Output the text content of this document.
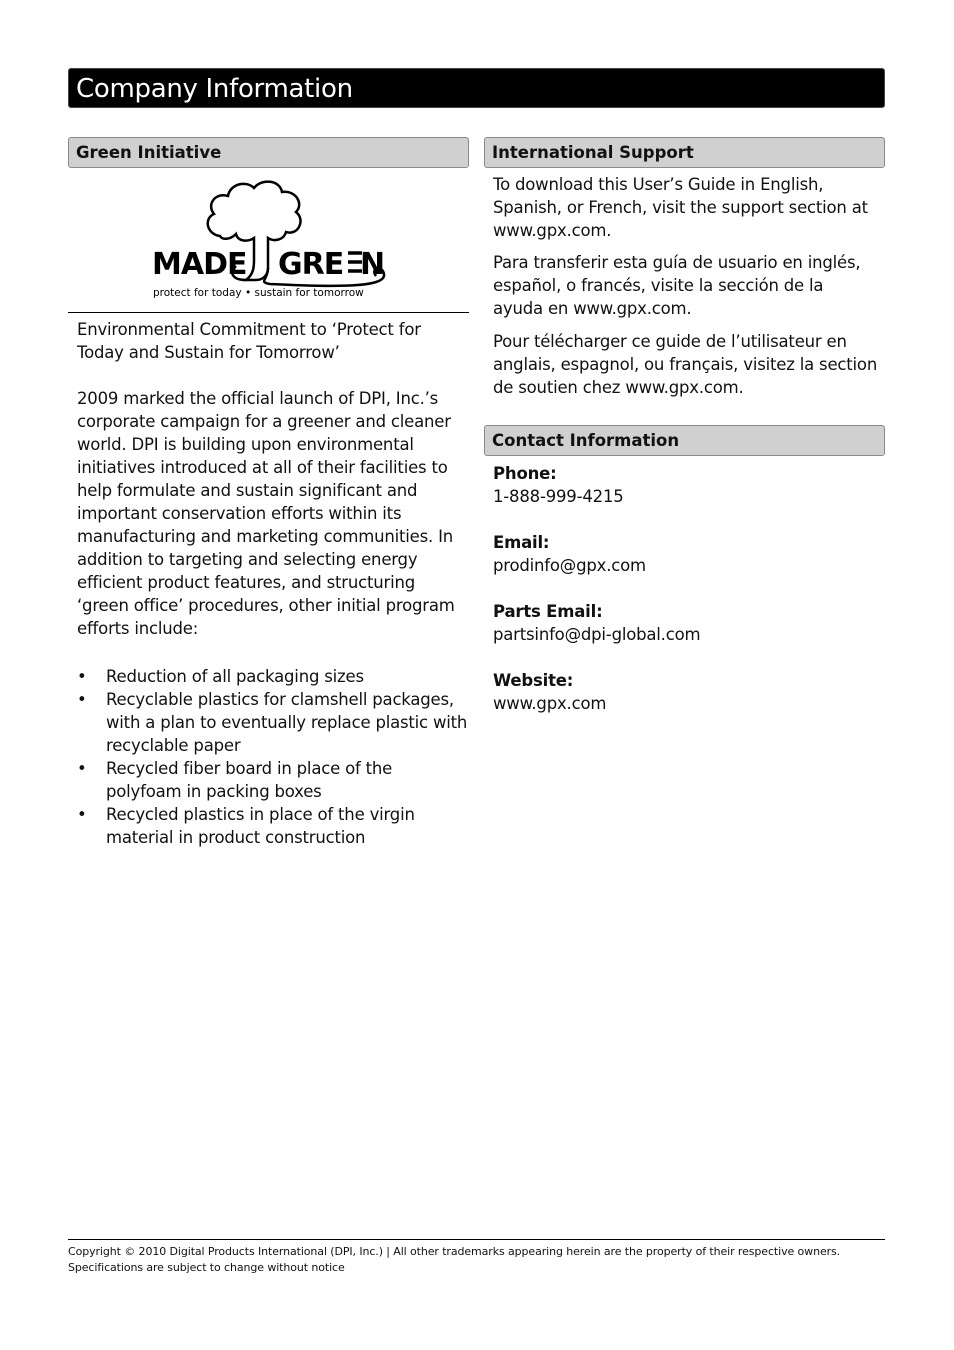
Company Information
Green Initiative
MADE GRE N
protect for today • sustain for tomorrow

Environmental Commitment to ‘Protect for Today and Sustain for Tomorrow’

2009 marked the official launch of DPI, Inc.’s corporate campaign for a greener and cleaner world. DPI is building upon environmental initiatives introduced at all of their facilities to help formulate and sustain significant and important conservation efforts within its manufacturing and marketing communities. In addition to targeting and selecting energy efficient product features, and structuring ‘green office’ procedures, other initial program efforts include:

• Reduction of all packaging sizes
• Recyclable plastics for clamshell packages, with a plan to eventually replace plastic with recyclable paper
• Recycled fiber board in place of the polyfoam in packing boxes
• Recycled plastics in place of the virgin material in product construction
International Support

To download this User’s Guide in English, Spanish, or French, visit the support section at www.gpx.com.

Para transferir esta guía de usuario en inglés, español, o francés, visite la sección de la ayuda en www.gpx.com.

Pour télécharger ce guide de l’utilisateur en anglais, espagnol, ou français, visitez la section de soutien chez www.gpx.com.

Contact Information
Phone:
1-888-999-4215
Email:
prodinfo@gpx.com
Parts Email:
partsinfo@dpi-global.com
Website:
www.gpx.com
Copyright © 2010 Digital Products International (DPI, Inc.) | All other trademarks appearing herein are the property of their respective owners.
Specifications are subject to change without notice
